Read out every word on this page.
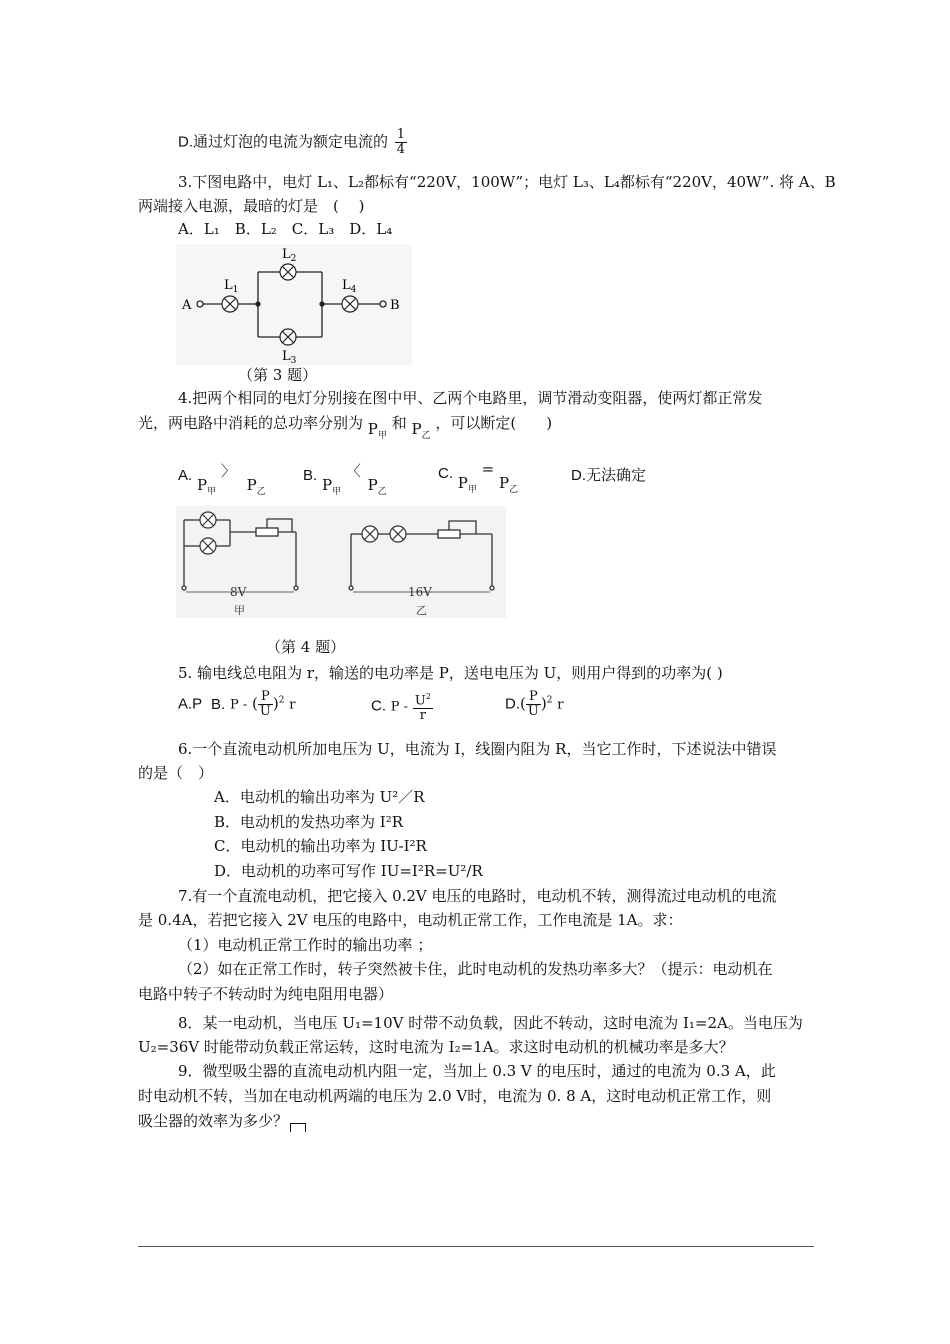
D.通过灯泡的电流为额定电流的 $\frac{1}{4}$
3.下图电路中，电灯 L₁、L₂都标有“220V，100W”；电灯 L₃、L₄都标有“220V，40W”. 将 A、B
两端接入电源，最暗的灯是　(　 )
A．L₁　B．L₂　C．L₃　D．L₄
A	B
$L_1$
$L_2$
$L_3$
$L_4$
（第 3 题）
4.把两个相同的电灯分别接在图中甲、乙两个电路里，调节滑动变阻器，使两灯都正常发
光，两电路中消耗的总功率分别为 $P_甲$ 和 $P_乙$ ，可以断定(　　)
A. $P_甲$ 〉 $P_乙$
B. $P_甲$ 〈 $P_乙$
C. $P_甲 = P_乙$
D.无法确定
8V
甲
16V
乙
（第 4 题）
5. 输电线总电阻为 r，输送的电功率是 P，送电电压为 U，则用户得到的功率为( )
A.P B. P - ( $\frac{P}{U} )^2$ r	C. P - $\frac{U^2}{r}$	$D.( \frac{P}{U} )^2$ r
6.一个直流电动机所加电压为 U，电流为 I，线圈内阻为 R，当它工作时，下述说法中错误
的是（　）
A．电动机的输出功率为 U²／R
B．电动机的发热功率为 I²R
C．电动机的输出功率为 IU-I²R
D．电动机的功率可写作 IU=I²R=U²/R
7.有一个直流电动机，把它接入 0.2V 电压的电路时，电动机不转，测得流过电动机的电流
是 0.4A，若把它接入 2V 电压的电路中，电动机正常工作，工作电流是 1A。求：
（1）电动机正常工作时的输出功率 ；
（2）如在正常工作时，转子突然被卡住，此时电动机的发热功率多大？（提示：电动机在
电路中转子不转动时为纯电阻用电器）
8．某一电动机，当电压 U₁=10V 时带不动负载，因此不转动，这时电流为 I₁=2A。当电压为
U₂=36V 时能带动负载正常运转，这时电流为 I₂=1A。求这时电动机的机械功率是多大？
9．微型吸尘器的直流电动机内阻一定，当加上 0.3 V 的电压时，通过的电流为 0.3 A，此
时电动机不转，当加在电动机两端的电压为 2.0 V时，电流为 0. 8 A，这时电动机正常工作，则
吸尘器的效率为多少？
